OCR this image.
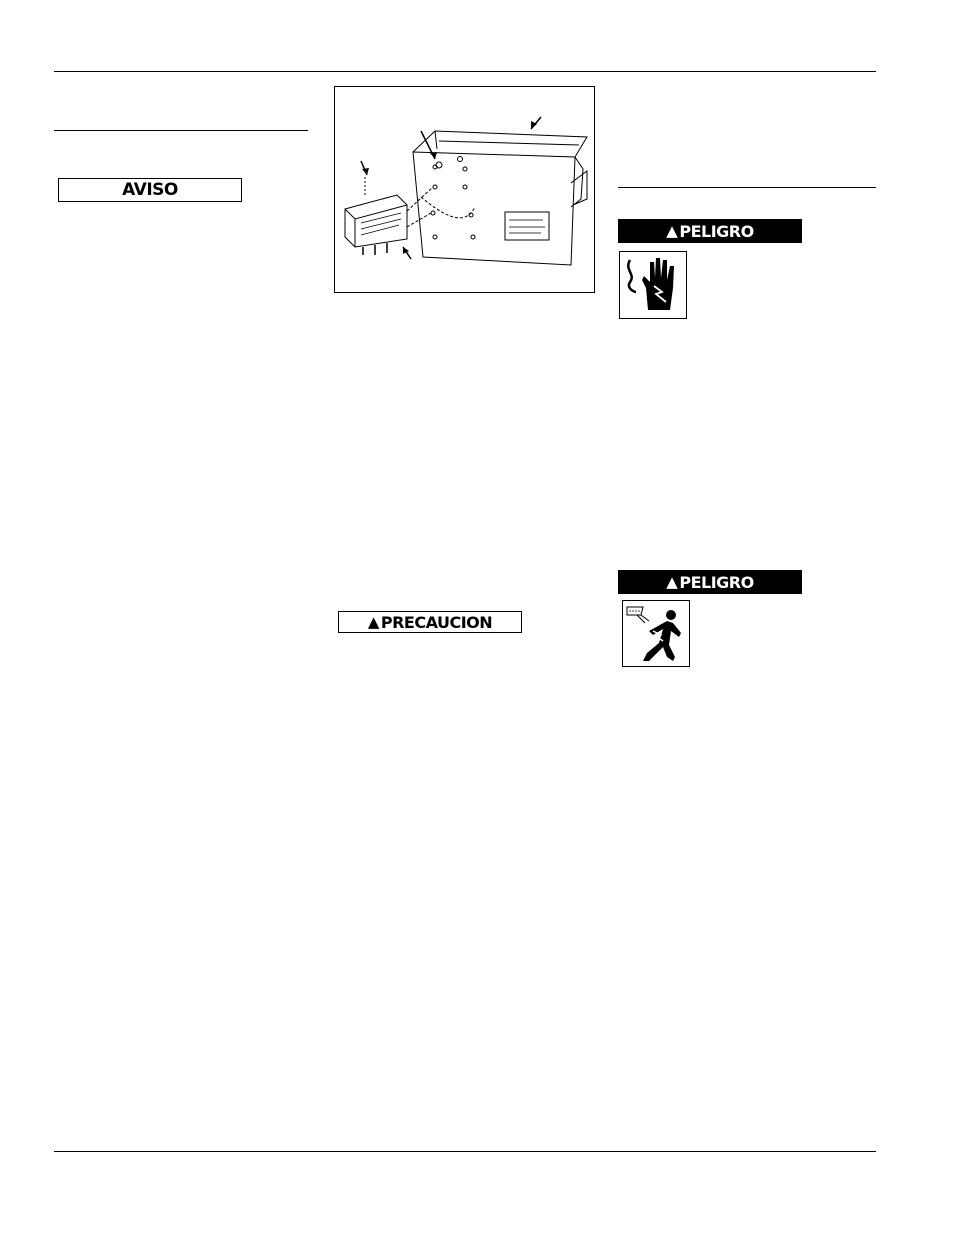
AVISO
▲ PRECAUCION
▲ PELIGRO
▲ PELIGRO
